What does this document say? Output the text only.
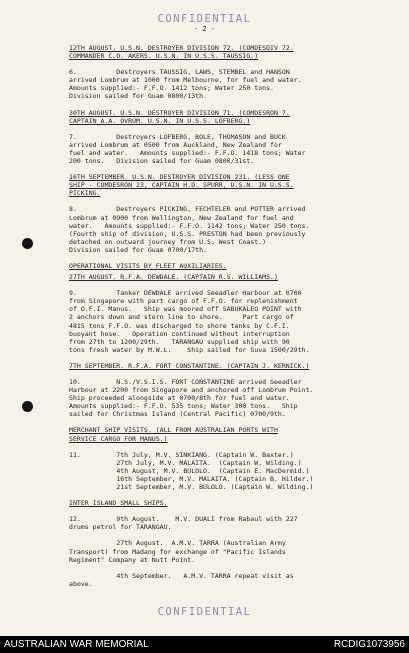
CONFIDENTIAL
- 2 -

12TH AUGUST. U.S.N. DESTROYER DIVISION 72. (COMDESDIV 72.

COMMANDER C.O. AKERS. U.S.N. IN U.S.S. TAUSSIG.)

6.          Destroyers TAUSSIG, LAWS, STEMBEL and HANSON

arrived Lombrum at 1000 from Melbourne, for fuel and water.

Amounts supplied:- F.F.O. 1412 tons; Water 250 tons.

Division sailed for Guam 0800/13th.

30TH AUGUST. U.S.N. DESTROYER DIVISION 71. (COMDESRON 7.

CAPTAIN A.A. OVRUM. U.S.N. IN U.S.S. LOFBERG.)

7.          Destroyers LOFBERG, BOLE, THOMASON and BUCK

arrived Lombrum at 0500 from Auckland, New Zealand for

fuel and water.   Amounts supplied:- F.F.O. 1418 tons; Water

200 tons.   Division sailed for Guam 0800/31st.

16TH SEPTEMBER. U.S.N. DESTROYER DIVISION 231. (LESS ONE

SHIP - COMDESRON 23, CAPTAIN H.D. SPURR, U.S.N. IN U.S.S.

PICKING.

8.          Destroyers PICKING, FECHTELER and POTTER arrived

Lombrum at 0900 from Wellington, New Zealand for fuel and

water.   Amounts supplied:- F.F.O. 1142 tons; Water 250 tons.

(Fourth ship of division, U.S.S. PRESTON had been previously

detached on outward journey from U.S. West Coast.)

Division sailed for Guam 0700/17th.

OPERATIONAL VISITS BY FLEET AUXILIARIES.

27TH AUGUST. R.F.A. DEWDALE. (CAPTAIN R.S. WILLIAMS.)

9.          Tanker DEWDALE arrived Seeadler Harbour at 0700

from Singapore with part cargo of F.F.O. for replenishment

of O.F.I. Manus.   Ship was moored off SABUKALEO POINT with

2 anchors down and stern line to shore.     Part cargo of

4815 tons F.F.O. was discharged to shore tanks by C.F.I.

buoyant hose.   Operation continued without interruption

from 27th to 1200/29th.   TARANGAU supplied ship with 90

tons fresh water by M.W.L.    Ship sailed for Suva 1500/29th.

7TH SEPTEMBER. R.F.A. FORT CONSTANTINE. (CAPTAIN J. KERNICK.)

10.         N.S./V.S.I.S. FORT CONSTANTINE arrived Seeadler

Harbour at 2200 from Singapore and anchored off Lombrum Point.

Ship proceeded alongside at 0700/8th for fuel and water.

Amounts supplied:- F.F.O. 535 tons; Water 300 tons.   Ship

sailed for Christmas Island (Central Pacific) 0700/9th.

MERCHANT SHIP VISITS. (ALL FROM AUSTRALIAN PORTS WITH

SERVICE CARGO FOR MANUS.)

11.         7th July, M.V. SINKIANG. (Captain W. Baxter.)

27th July, M.V. MALAITA.  (Captain W. Wilding.)

4th August, M.V. BULOLO.  (Captain E. MacDermid.)

16th September, M.V. MALAITA. (Captain B. Hilder.)

21st September, M.V. BULOLO. (Captain W. Wilding.)

INTER ISLAND SMALL SHIPS.

12.         9th August.    M.V. DUALI from Rabaul with 227

drums petrol for TARANGAU.

27th August.  A.M.V. TARRA (Australian Army

Transport) from Madang for exchange of "Pacific Islands

Regiment" Company at Nutt Point.

4th September.   A.M.V. TARRA repeat visit as

above.

CONFIDENTIAL
AUSTRALIAN WAR MEMORIAL	RCDIG1073956
